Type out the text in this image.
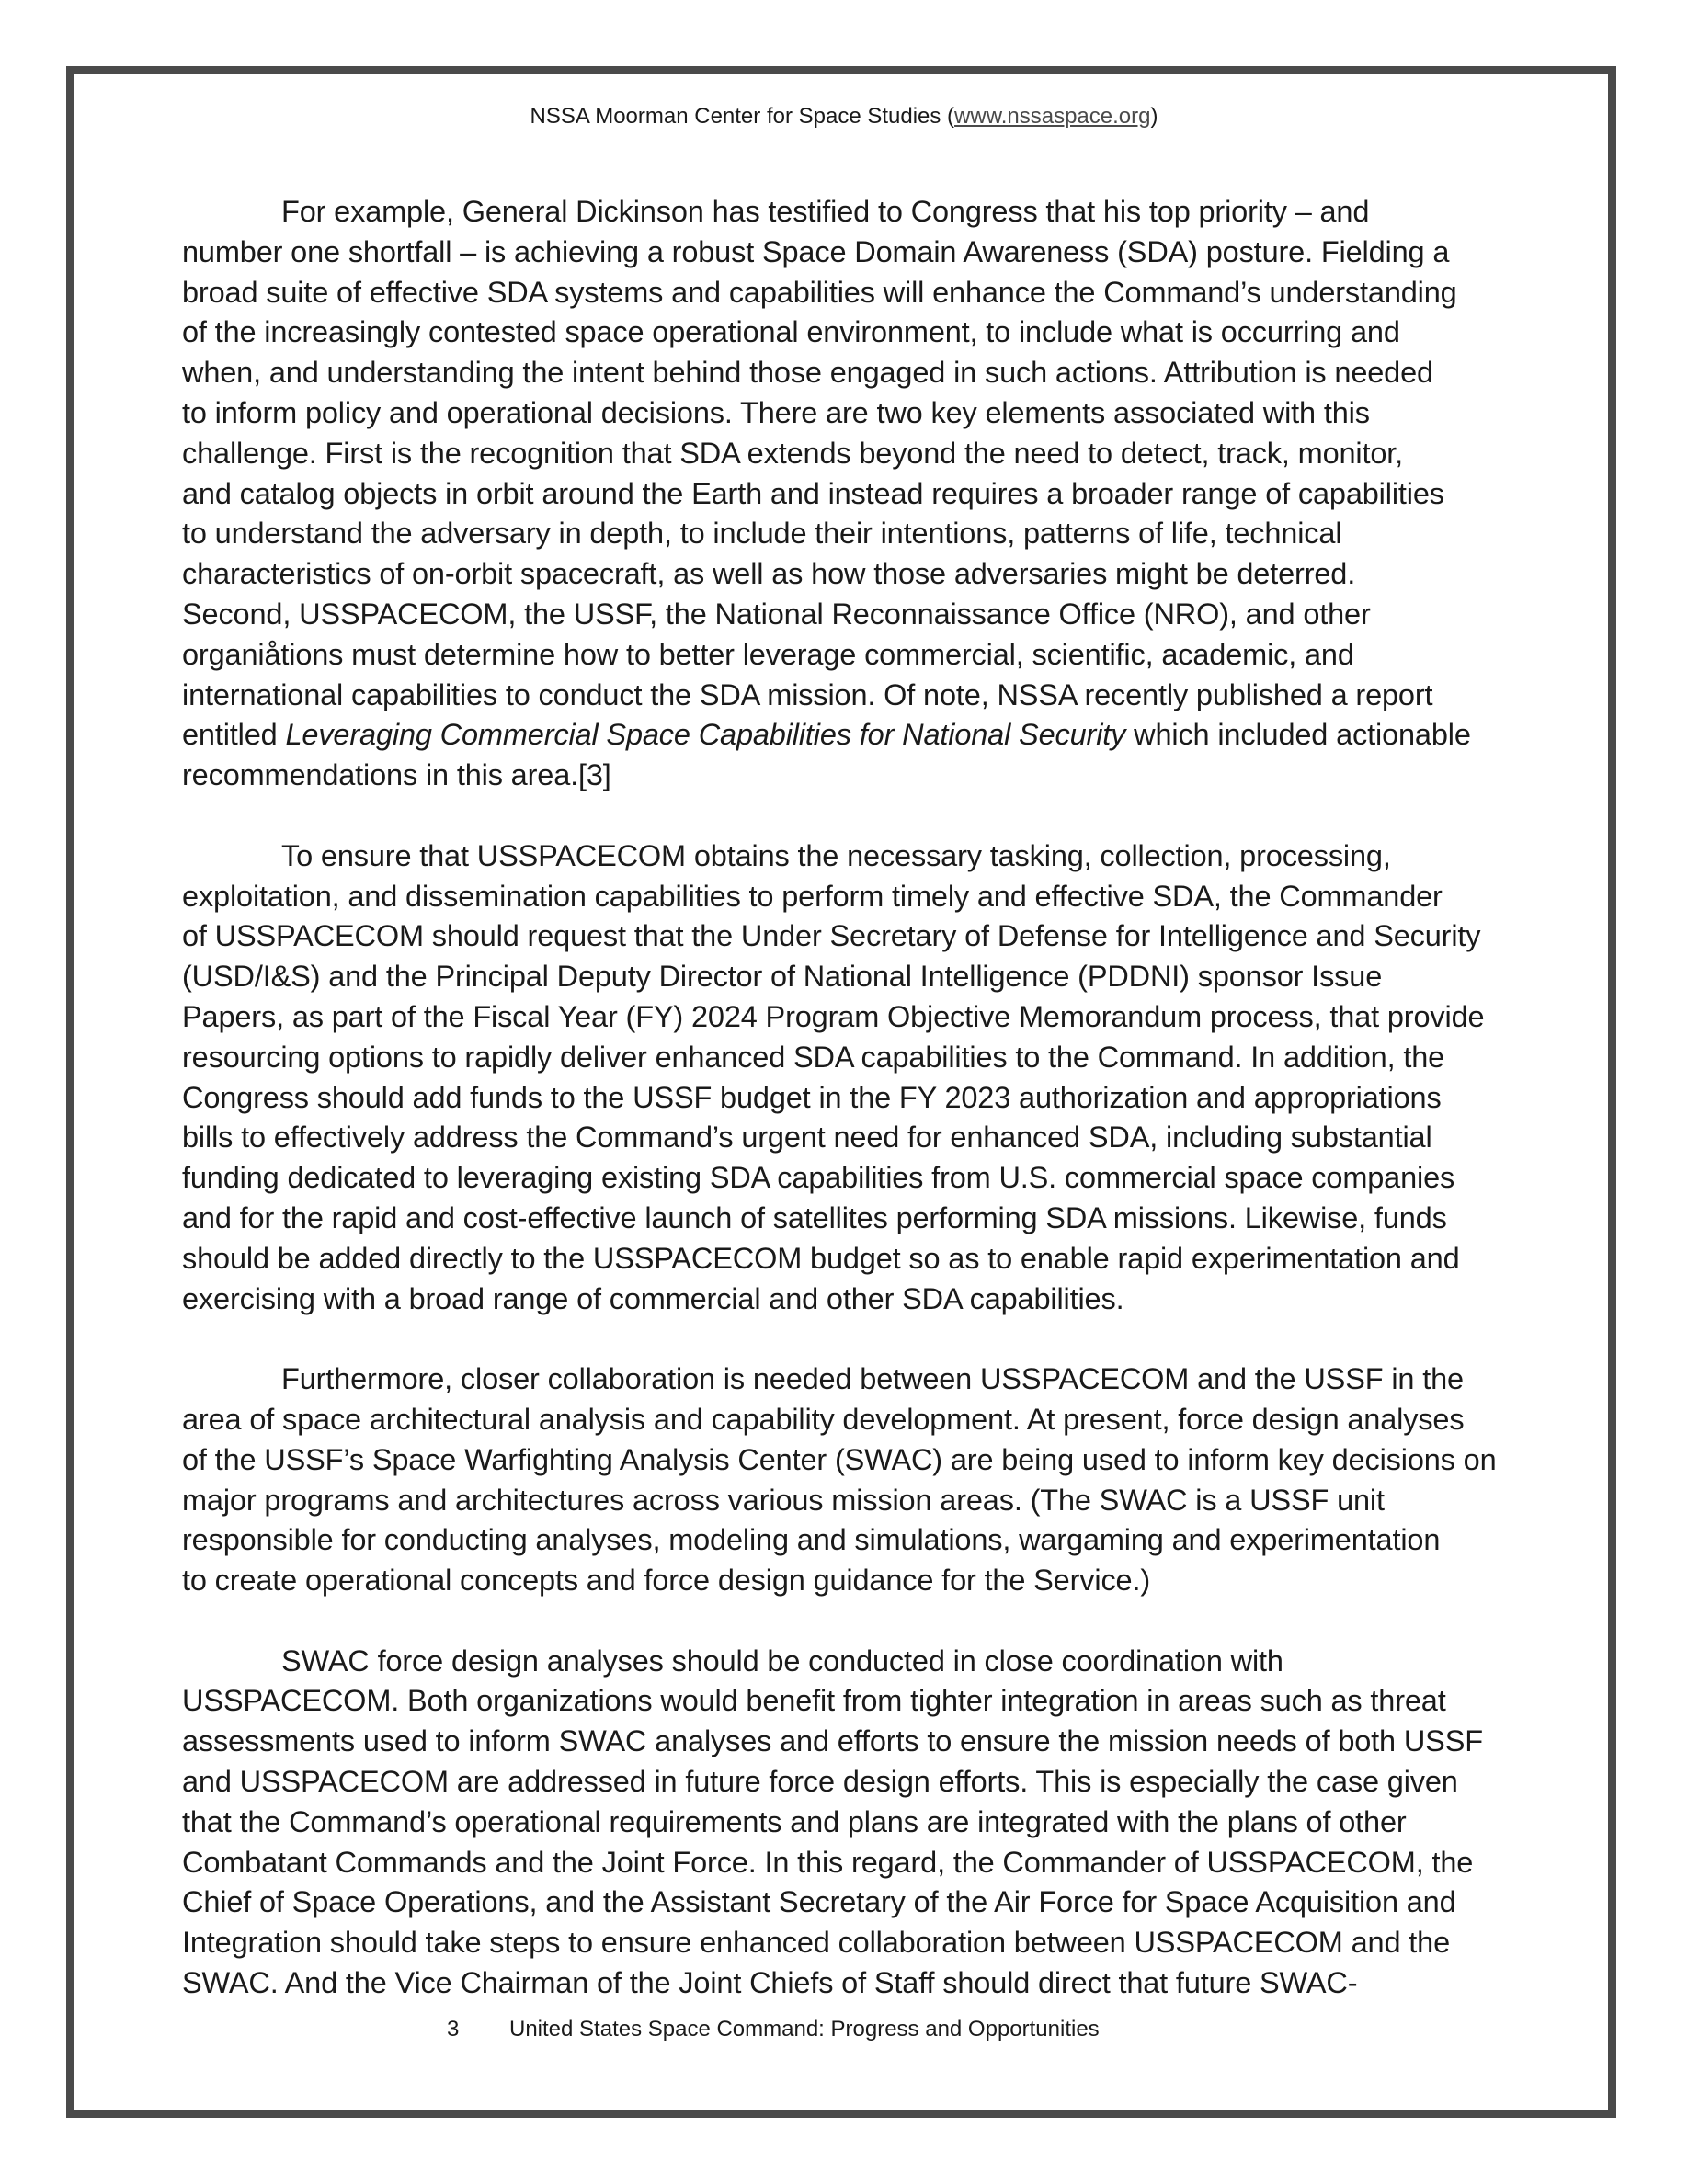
NSSA Moorman Center for Space Studies (www.nssaspace.org)
For example, General Dickinson has testified to Congress that his top priority – and
number one shortfall – is achieving a robust Space Domain Awareness (SDA) posture. Fielding a
broad suite of effective SDA systems and capabilities will enhance the Command’s understanding
of the increasingly contested space operational environment, to include what is occurring and
when, and understanding the intent behind those engaged in such actions. Attribution is needed
to inform policy and operational decisions. There are two key elements associated with this
challenge. First is the recognition that SDA extends beyond the need to detect, track, monitor,
and catalog objects in orbit around the Earth and instead requires a broader range of capabilities
to understand the adversary in depth, to include their intentions, patterns of life, technical
characteristics of on-orbit spacecraft, as well as how those adversaries might be deterred.
Second, USSPACECOM, the USSF, the National Reconnaissance Office (NRO), and other
organiåtions must determine how to better leverage commercial, scientific, academic, and
international capabilities to conduct the SDA mission. Of note, NSSA recently published a report
entitled Leveraging Commercial Space Capabilities for National Security which included actionable
recommendations in this area.[3]
To ensure that USSPACECOM obtains the necessary tasking, collection, processing,
exploitation, and dissemination capabilities to perform timely and effective SDA, the Commander
of USSPACECOM should request that the Under Secretary of Defense for Intelligence and Security
(USD/I&S) and the Principal Deputy Director of National Intelligence (PDDNI) sponsor Issue
Papers, as part of the Fiscal Year (FY) 2024 Program Objective Memorandum process, that provide
resourcing options to rapidly deliver enhanced SDA capabilities to the Command. In addition, the
Congress should add funds to the USSF budget in the FY 2023 authorization and appropriations
bills to effectively address the Command’s urgent need for enhanced SDA, including substantial
funding dedicated to leveraging existing SDA capabilities from U.S. commercial space companies
and for the rapid and cost-effective launch of satellites performing SDA missions. Likewise, funds
should be added directly to the USSPACECOM budget so as to enable rapid experimentation and
exercising with a broad range of commercial and other SDA capabilities.
Furthermore, closer collaboration is needed between USSPACECOM and the USSF in the
area of space architectural analysis and capability development. At present, force design analyses
of the USSF’s Space Warfighting Analysis Center (SWAC) are being used to inform key decisions on
major programs and architectures across various mission areas. (The SWAC is a USSF unit
responsible for conducting analyses, modeling and simulations, wargaming and experimentation
to create operational concepts and force design guidance for the Service.)
SWAC force design analyses should be conducted in close coordination with
USSPACECOM. Both organizations would benefit from tighter integration in areas such as threat
assessments used to inform SWAC analyses and efforts to ensure the mission needs of both USSF
and USSPACECOM are addressed in future force design efforts. This is especially the case given
that the Command’s operational requirements and plans are integrated with the plans of other
Combatant Commands and the Joint Force. In this regard, the Commander of USSPACECOM, the
Chief of Space Operations, and the Assistant Secretary of the Air Force for Space Acquisition and
Integration should take steps to ensure enhanced collaboration between USSPACECOM and the
SWAC. And the Vice Chairman of the Joint Chiefs of Staff should direct that future SWAC-
3 United States Space Command: Progress and Opportunities
